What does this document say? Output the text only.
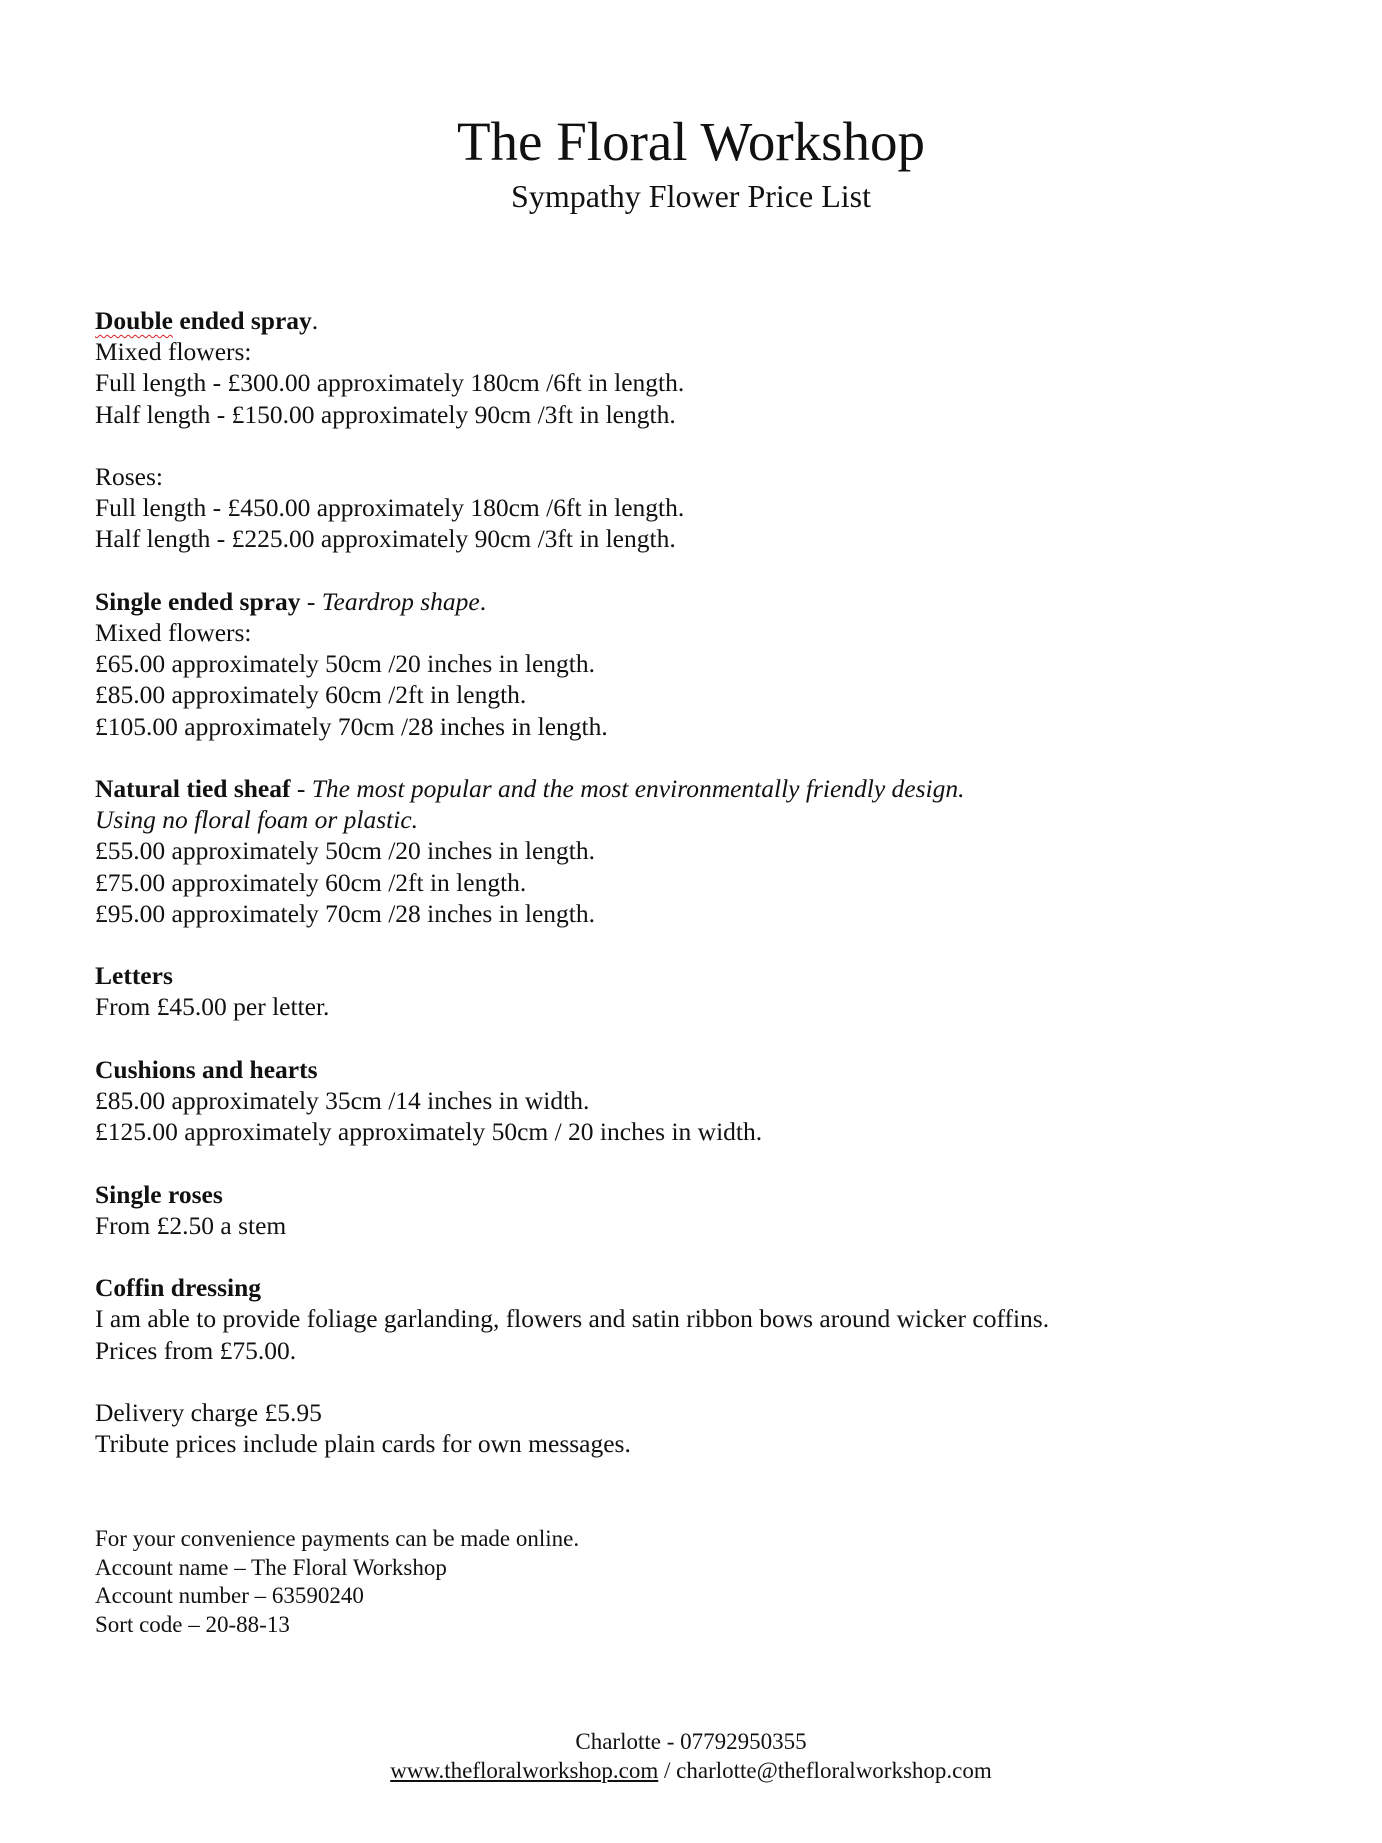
The Floral Workshop
Sympathy Flower Price List
Double ended spray.
Mixed flowers:
Full length - £300.00 approximately 180cm /6ft in length.
Half length - £150.00 approximately 90cm /3ft in length.
Roses:
Full length - £450.00 approximately 180cm /6ft in length.
Half length - £225.00 approximately 90cm /3ft in length.
Single ended spray - Teardrop shape.
Mixed flowers:
£65.00 approximately 50cm /20 inches in length.
£85.00 approximately 60cm /2ft in length.
£105.00 approximately 70cm /28 inches in length.
Natural tied sheaf - The most popular and the most environmentally friendly design.
Using no floral foam or plastic.
£55.00 approximately 50cm /20 inches in length.
£75.00 approximately 60cm /2ft in length.
£95.00 approximately 70cm /28 inches in length.
Letters
From £45.00 per letter.
Cushions and hearts
£85.00 approximately 35cm /14 inches in width.
£125.00 approximately approximately 50cm / 20 inches in width.
Single roses
From £2.50 a stem
Coffin dressing
I am able to provide foliage garlanding, flowers and satin ribbon bows around wicker coffins.
Prices from £75.00.
Delivery charge £5.95
Tribute prices include plain cards for own messages.
For your convenience payments can be made online.
Account name – The Floral Workshop
Account number – 63590240
Sort code – 20-88-13
Charlotte - 07792950355
www.thefloralworkshop.com / charlotte@thefloralworkshop.com
